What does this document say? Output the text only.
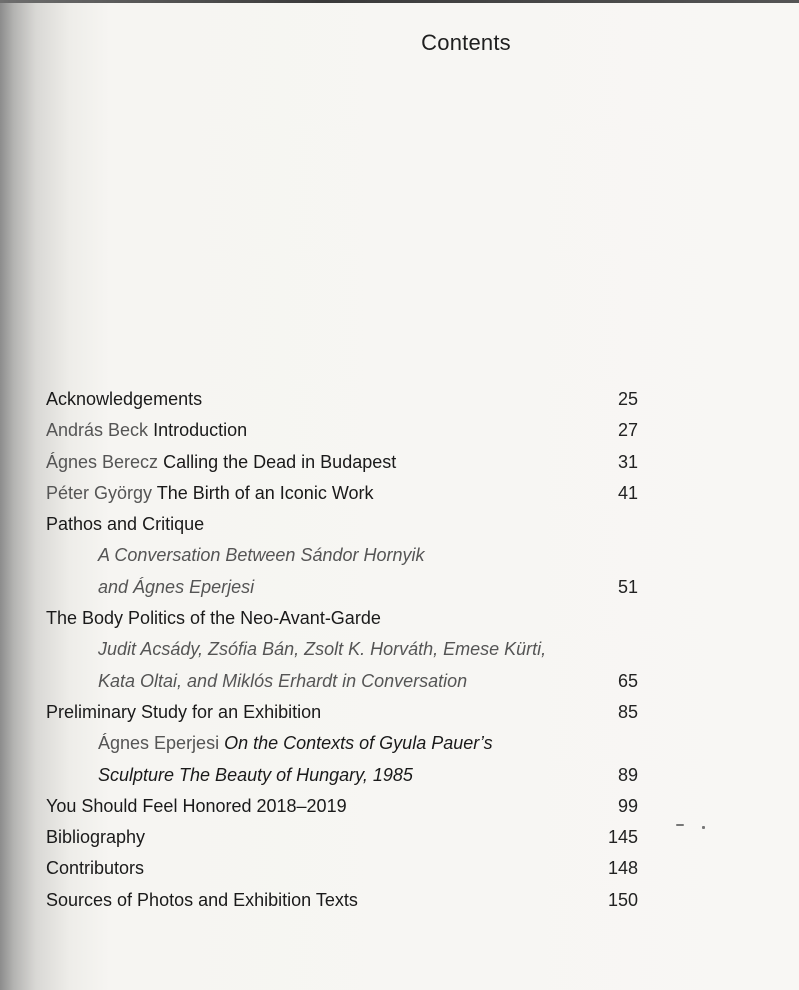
Contents
Acknowledgements	25
András Beck Introduction	27
Ágnes Berecz Calling the Dead in Budapest	31
Péter György The Birth of an Iconic Work	41
Pathos and Critique
A Conversation Between Sándor Hornyik
and Ágnes Eperjesi	51
The Body Politics of the Neo-Avant-Garde
Judit Acsády, Zsófia Bán, Zsolt K. Horváth, Emese Kürti,
Kata Oltai, and Miklós Erhardt in Conversation	65
Preliminary Study for an Exhibition	85
Ágnes Eperjesi On the Contexts of Gyula Pauer’s
Sculpture The Beauty of Hungary, 1985	89
You Should Feel Honored 2018–2019	99
Bibliography	145
Contributors	148
Sources of Photos and Exhibition Texts	150
